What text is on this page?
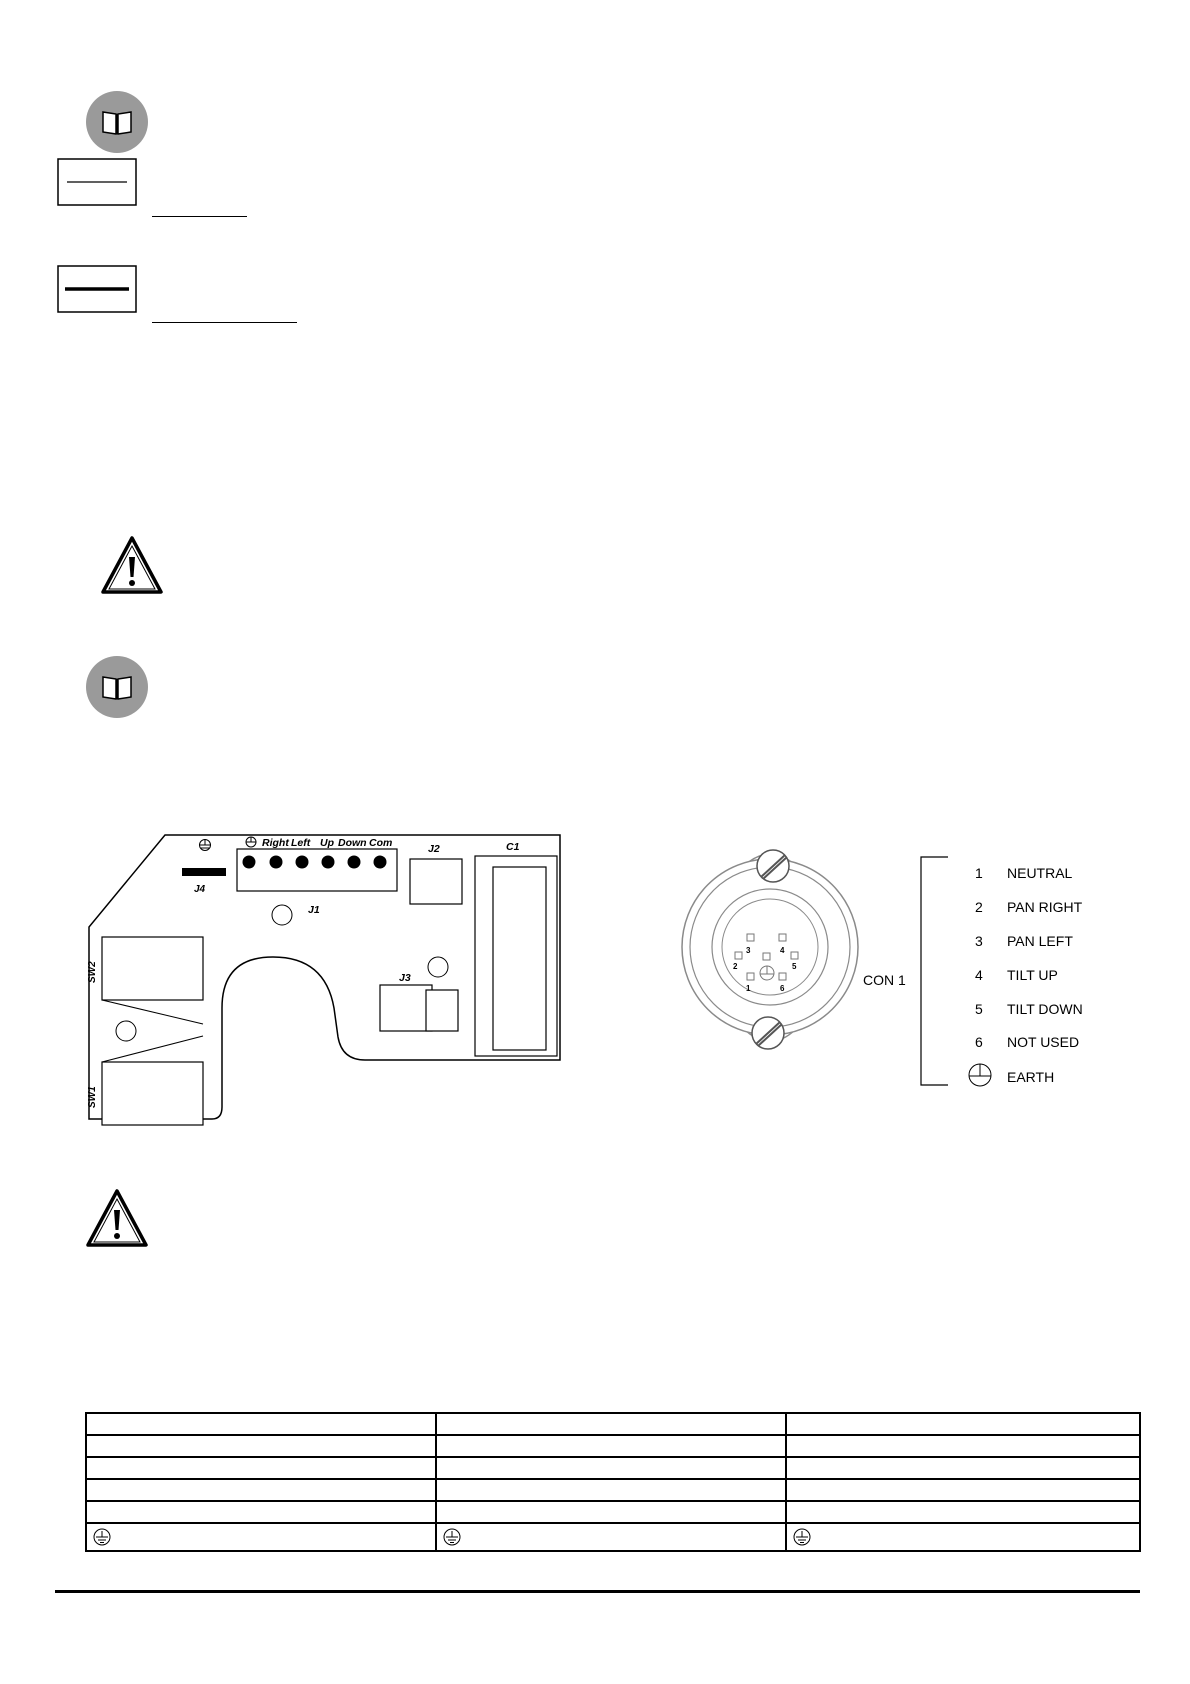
J4
Right Left Up Down Com
J1
J2	C1
J3
SW2
SW1
3	4
2	5
1	6
CON 1
1 NEUTRAL
2 PAN RIGHT
3 PAN LEFT
4 TILT UP
5 TILT DOWN
6 NOT USED
EARTH
